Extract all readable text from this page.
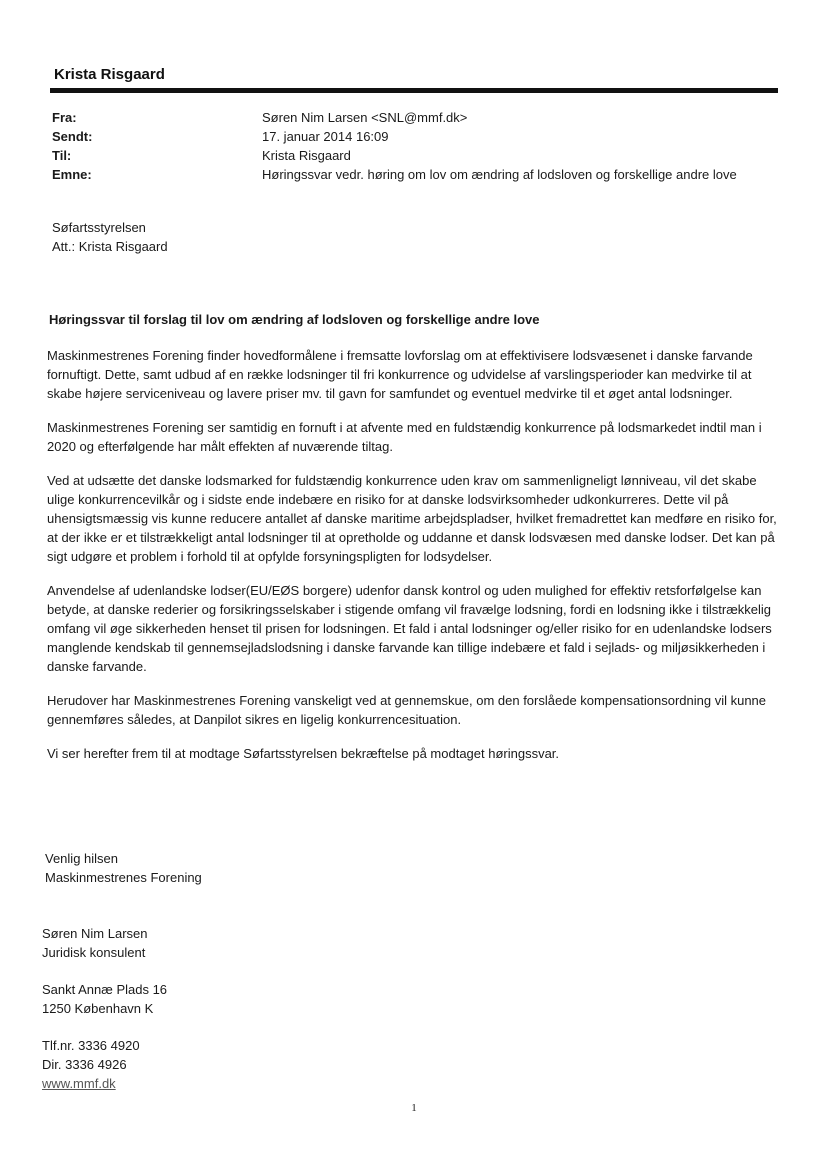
Krista Risgaard
Fra:	Søren Nim Larsen <SNL@mmf.dk>
Sendt:	17. januar 2014 16:09
Til:	Krista Risgaard
Emne:	Høringssvar vedr. høring om lov om ændring af lodsloven og forskellige andre love
Søfartsstyrelsen
Att.: Krista Risgaard
Høringssvar til forslag til lov om ændring af lodsloven og forskellige andre love

Maskinmestrenes Forening finder hovedformålene i fremsatte lovforslag om at effektivisere lodsvæsenet i danske farvande fornuftigt. Dette, samt udbud af en række lodsninger til fri konkurrence og udvidelse af varslingsperioder kan medvirke til at skabe højere serviceniveau og lavere priser mv. til gavn for samfundet og eventuel medvirke til et øget antal lodsninger.

Maskinmestrenes Forening ser samtidig en fornuft i at afvente med en fuldstændig konkurrence på lodsmarkedet indtil man i 2020 og efterfølgende har målt effekten af nuværende tiltag.

Ved at udsætte det danske lodsmarked for fuldstændig konkurrence uden krav om sammenligneligt lønniveau, vil det skabe ulige konkurrencevilkår og i sidste ende indebære en risiko for at danske lodsvirksomheder udkonkurreres. Dette vil på uhensigtsmæssig vis kunne reducere antallet af danske maritime arbejdspladser, hvilket fremadrettet kan medføre en risiko for, at der ikke er et tilstrækkeligt antal lodsninger til at opretholde og uddanne et dansk lodsvæsen med danske lodser. Det kan på sigt udgøre et problem i forhold til at opfylde forsyningspligten for lodsydelser.

Anvendelse af udenlandske lodser(EU/EØS borgere) udenfor dansk kontrol og uden mulighed for effektiv retsforfølgelse kan betyde, at danske rederier og forsikringsselskaber i stigende omfang vil fravælge lodsning, fordi en lodsning ikke i tilstrækkelig omfang vil øge sikkerheden henset til prisen for lodsningen. Et fald i antal lodsninger og/eller risiko for en udenlandske lodsers manglende kendskab til gennemsejladslodsning i danske farvande kan tillige indebære et fald i sejlads- og miljøsikkerheden i danske farvande.

Herudover har Maskinmestrenes Forening vanskeligt ved at gennemskue, om den forslåede kompensationsordning vil kunne gennemføres således, at Danpilot sikres en ligelig konkurrencesituation.

Vi ser herefter frem til at modtage Søfartsstyrelsen bekræftelse på modtaget høringssvar.

Venlig hilsen
Maskinmestrenes Forening
Søren Nim Larsen
Juridisk konsulent
Sankt Annæ Plads 16
1250 København K
Tlf.nr. 3336 4920
Dir. 3336 4926
www.mmf.dk
1
